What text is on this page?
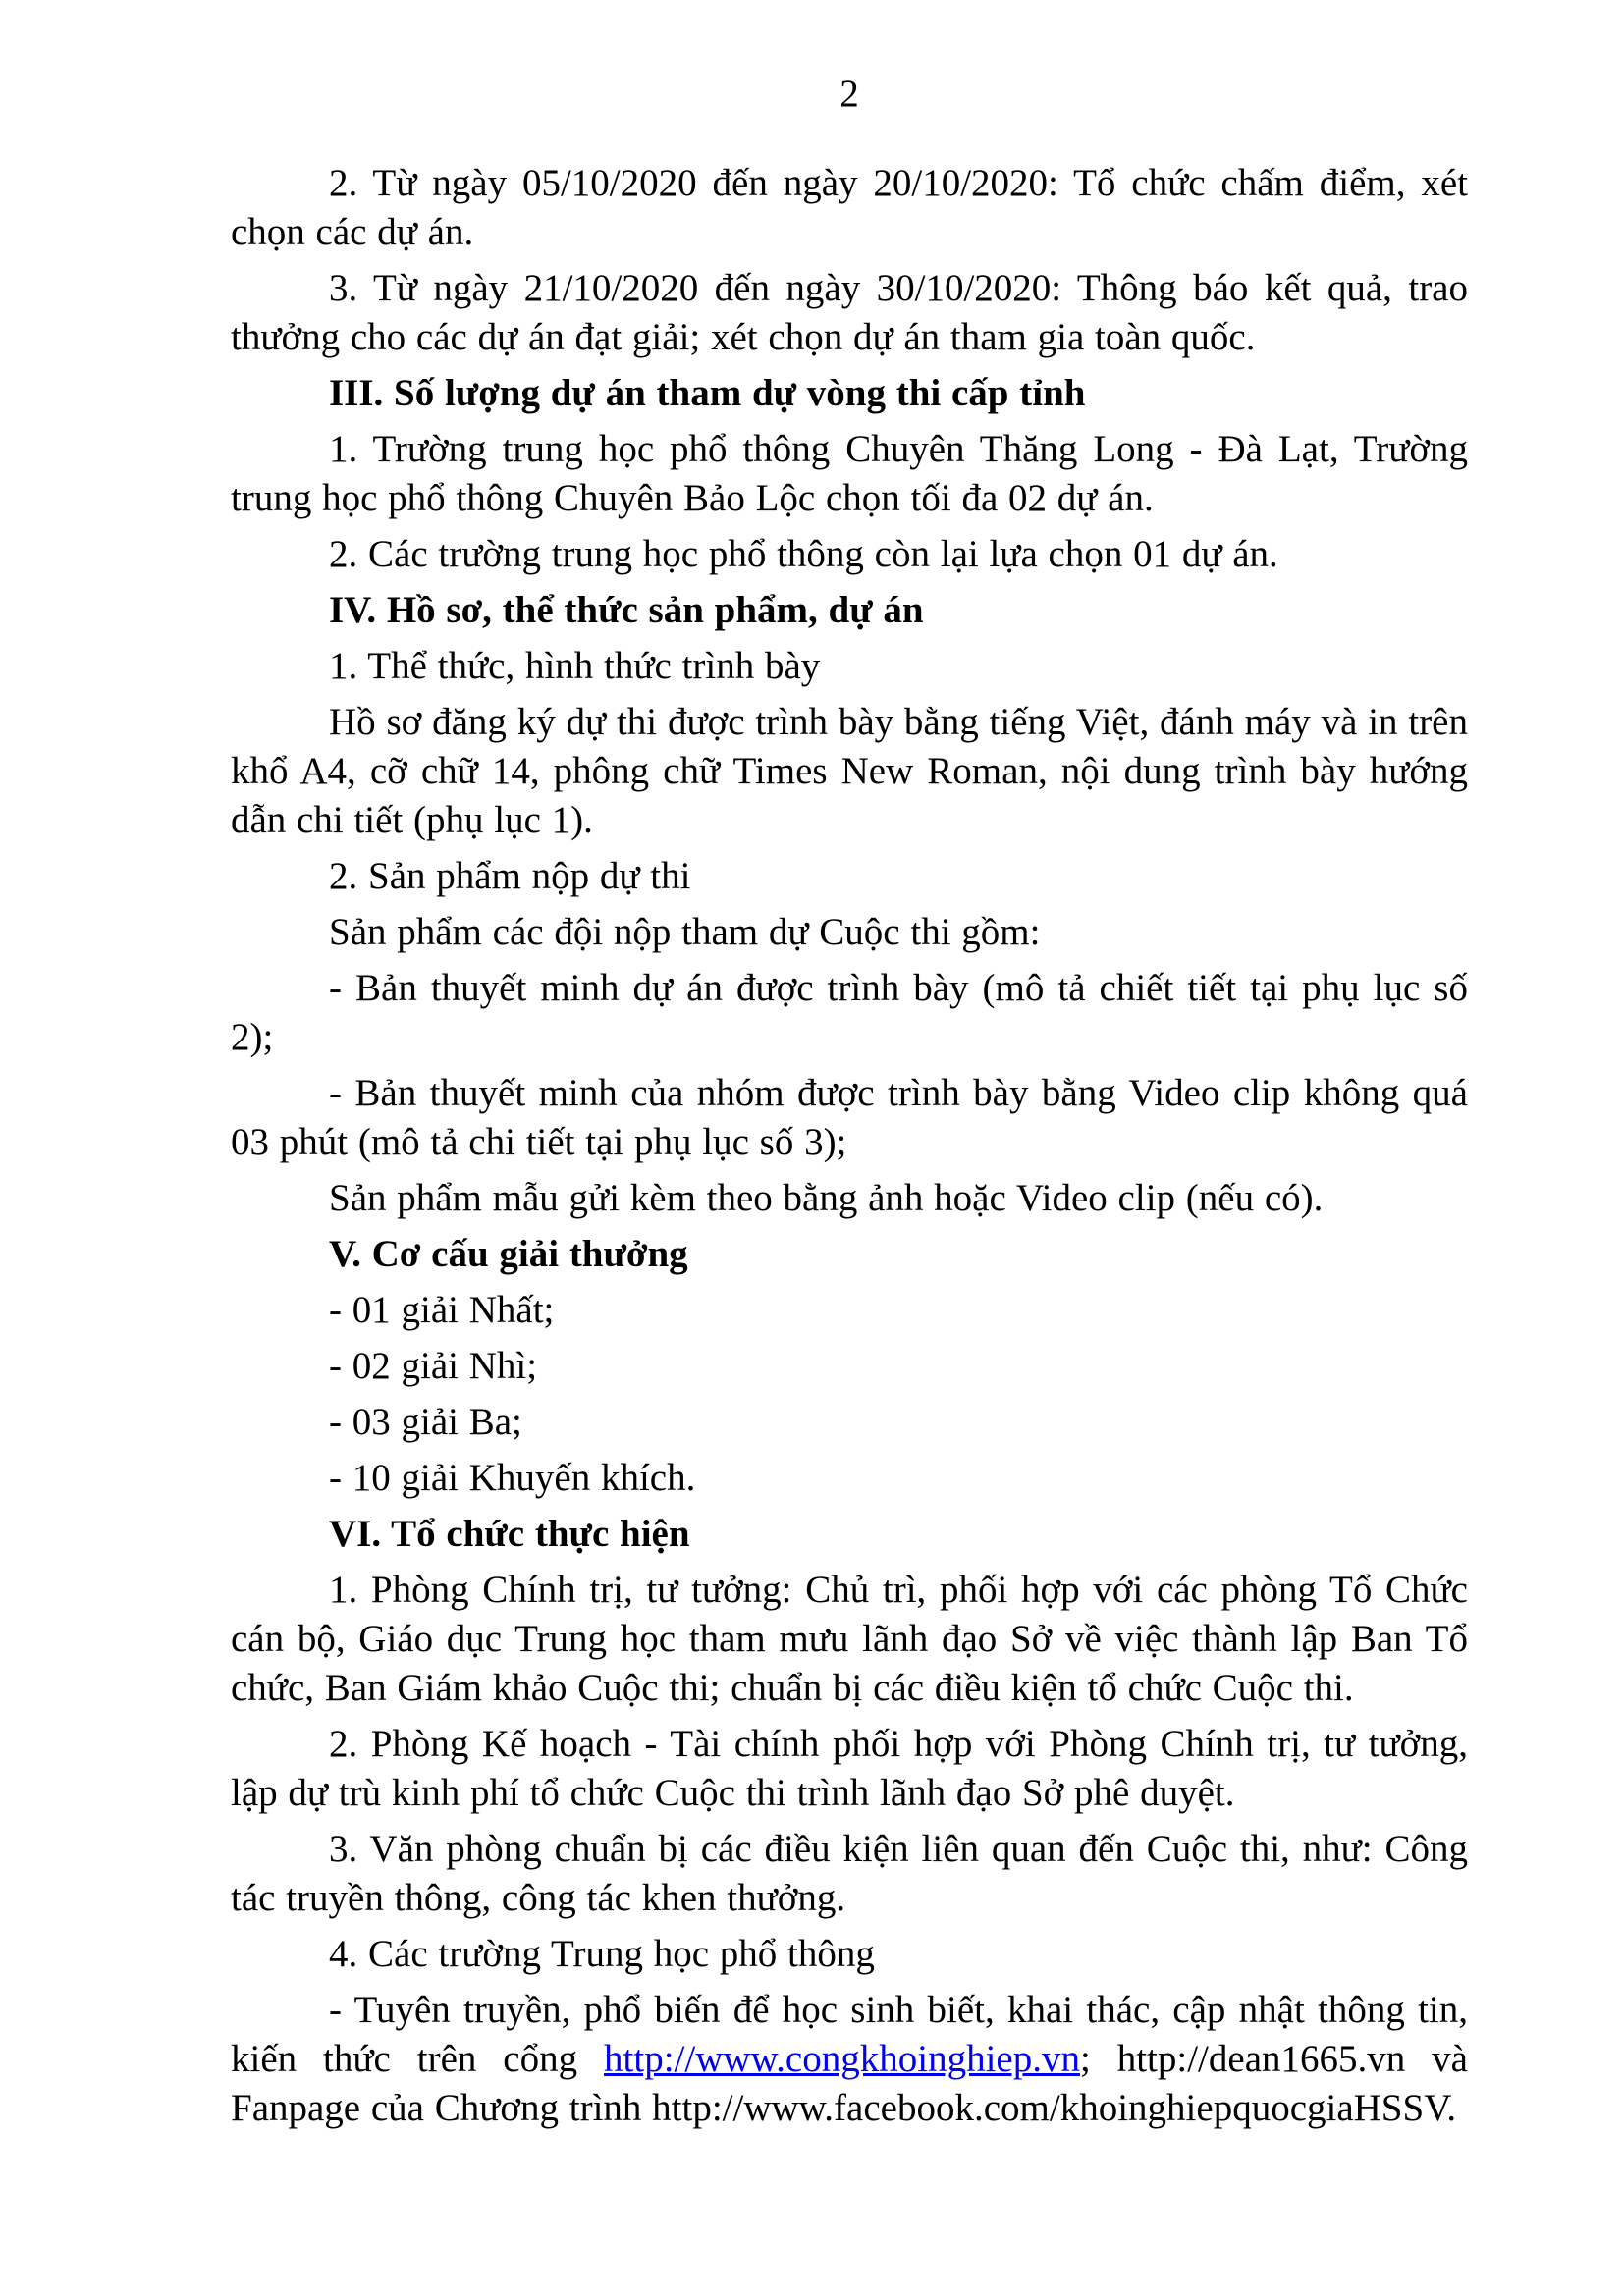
2

2. Từ ngày 05/10/2020 đến ngày 20/10/2020: Tổ chức chấm điểm, xét chọn các dự án.

3. Từ ngày 21/10/2020 đến ngày 30/10/2020: Thông báo kết quả, trao thưởng cho các dự án đạt giải; xét chọn dự án tham gia toàn quốc.

III. Số lượng dự án tham dự vòng thi cấp tỉnh

1. Trường trung học phổ thông Chuyên Thăng Long - Đà Lạt, Trường trung học phổ thông Chuyên Bảo Lộc chọn tối đa 02 dự án.

2. Các trường trung học phổ thông còn lại lựa chọn 01 dự án.

IV. Hồ sơ, thể thức sản phẩm, dự án

1. Thể thức, hình thức trình bày

Hồ sơ đăng ký dự thi được trình bày bằng tiếng Việt, đánh máy và in trên khổ A4, cỡ chữ 14, phông chữ Times New Roman, nội dung trình bày hướng dẫn chi tiết (phụ lục 1).

2. Sản phẩm nộp dự thi

Sản phẩm các đội nộp tham dự Cuộc thi gồm:

- Bản thuyết minh dự án được trình bày (mô tả chiết tiết tại phụ lục số 2);

- Bản thuyết minh của nhóm được trình bày bằng Video clip không quá 03 phút (mô tả chi tiết tại phụ lục số 3);

Sản phẩm mẫu gửi kèm theo bằng ảnh hoặc Video clip (nếu có).

V. Cơ cấu giải thưởng

- 01 giải Nhất;

- 02 giải Nhì;

- 03 giải Ba;

- 10 giải Khuyến khích.

VI. Tổ chức thực hiện

1. Phòng Chính trị, tư tưởng: Chủ trì, phối hợp với các phòng Tổ Chức cán bộ, Giáo dục Trung học tham mưu lãnh đạo Sở về việc thành lập Ban Tổ chức, Ban Giám khảo Cuộc thi; chuẩn bị các điều kiện tổ chức Cuộc thi.

2. Phòng Kế hoạch - Tài chính phối hợp với Phòng Chính trị, tư tưởng, lập dự trù kinh phí tổ chức Cuộc thi trình lãnh đạo Sở phê duyệt.

3. Văn phòng chuẩn bị các điều kiện liên quan đến Cuộc thi, như: Công tác truyền thông, công tác khen thưởng.

4. Các trường Trung học phổ thông

- Tuyên truyền, phổ biến để học sinh biết, khai thác, cập nhật thông tin, kiến thức trên cổng http://www.congkhoinghiep.vn; http://dean1665.vn và Fanpage của Chương trình http://www.facebook.com/khoinghiepquocgiaHSSV.
